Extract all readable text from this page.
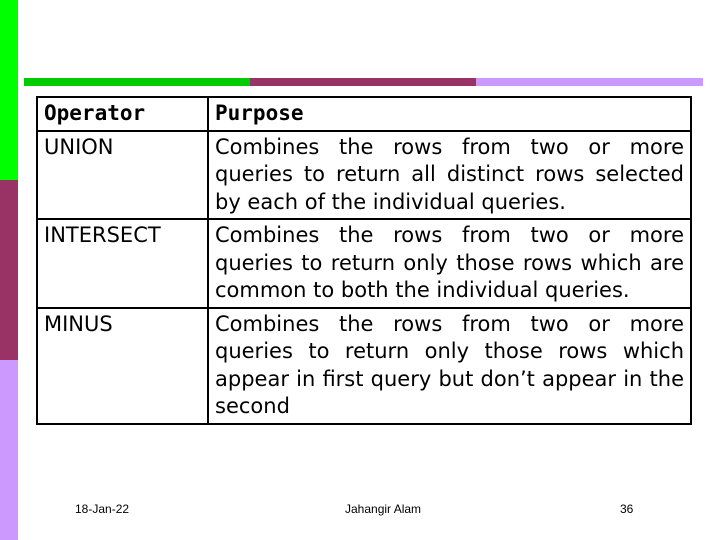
Operator	Purpose
UNION	Combines the rows from two or more queries to return all distinct rows selected by each of the individual queries.
INTERSECT	Combines the rows from two or more queries to return only those rows which are common to both the individual queries.
MINUS	Combines the rows from two or more queries to return only those rows which appear in first query but don’t appear in the second
18-Jan-22	Jahangir Alam	36
